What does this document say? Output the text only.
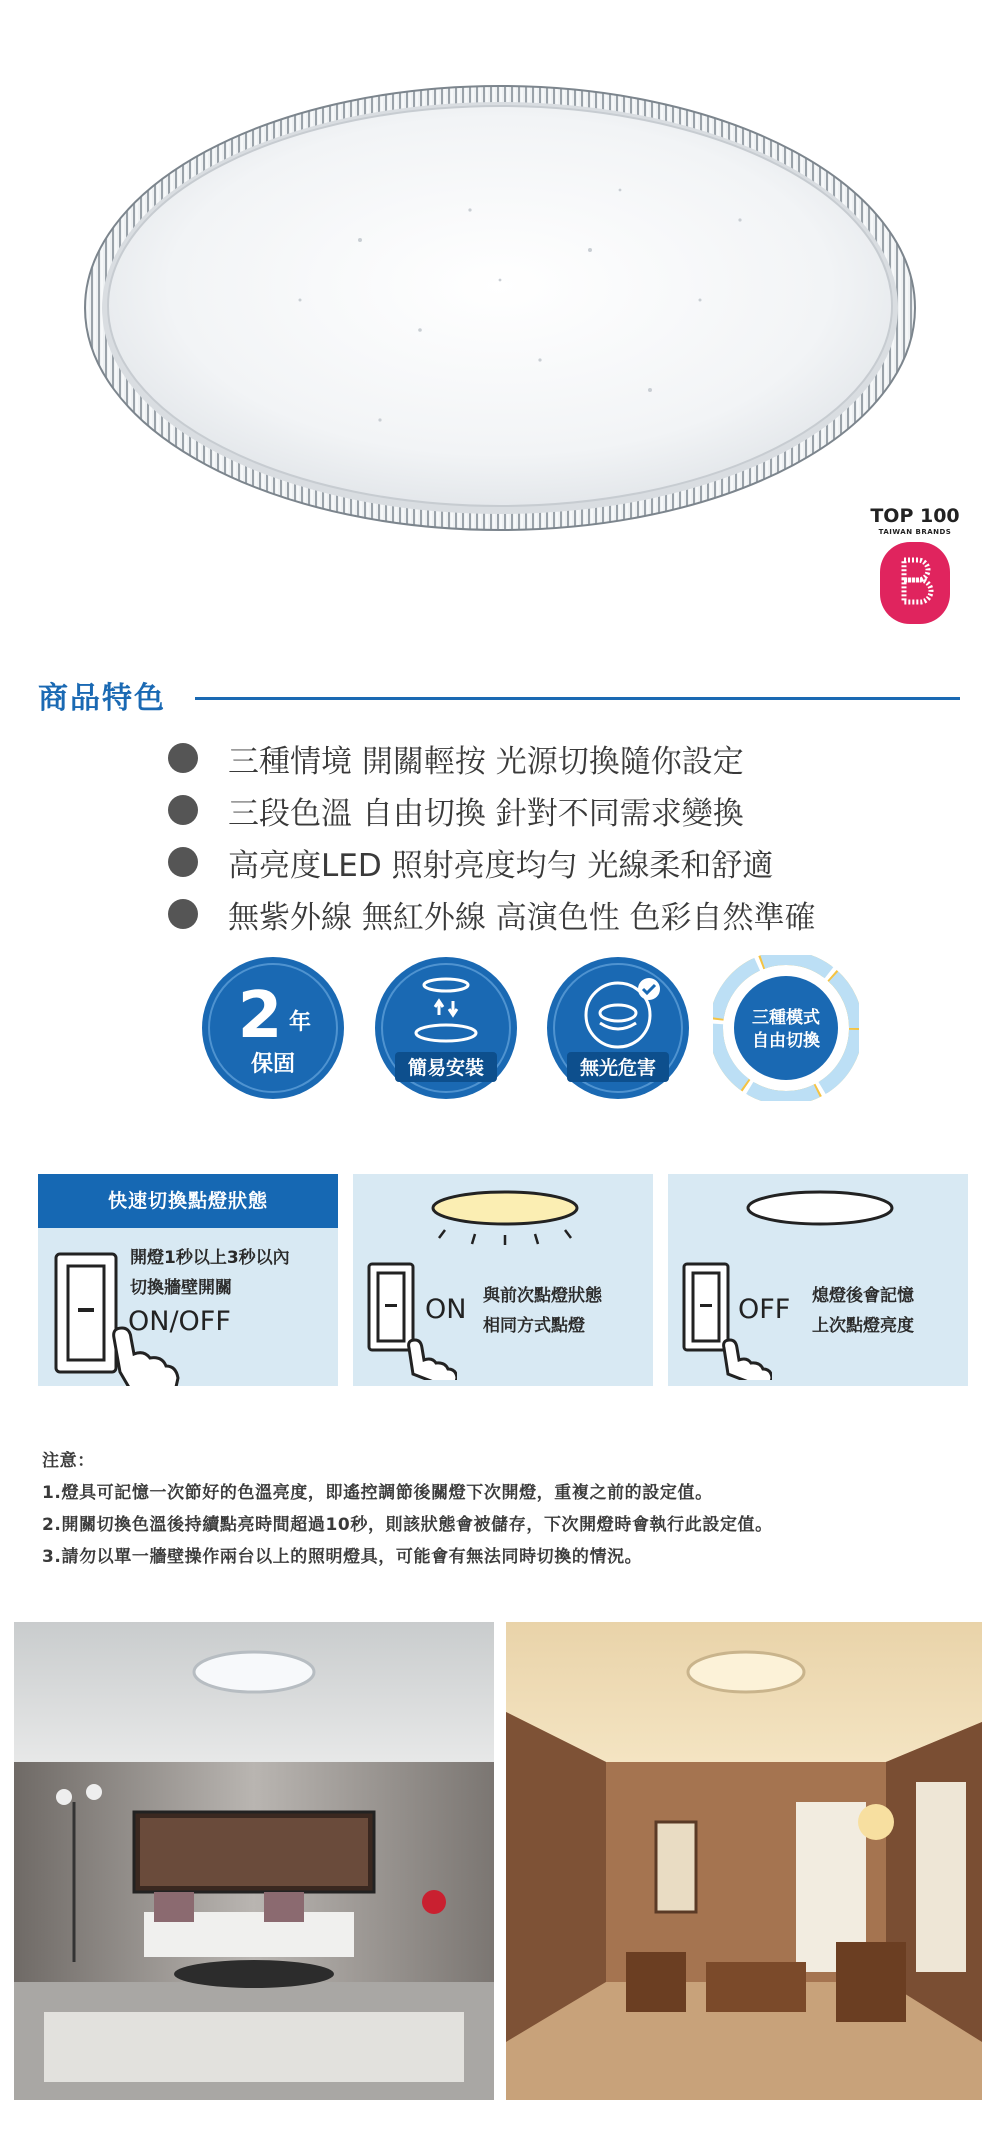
TOP 100
TAIWAN BRANDS
商品特色
三種情境 開關輕按 光源切換隨你設定
三段色溫 自由切換 針對不同需求變換
高亮度LED 照射亮度均勻 光線柔和舒適
無紫外線 無紅外線 高演色性 色彩自然準確
2 年
保固	簡易安裝	無光危害
三種模式
自由切換
快速切換點燈狀態
開燈1秒以上3秒以內
切換牆壁開關
ON/OFF	ON 與前次點燈狀態
相同方式點燈
OFF 熄燈後會記憶
上次點燈亮度
注意：
1.燈具可記憶一次節好的色溫亮度，即遙控調節後關燈下次開燈，重複之前的設定值。
2.開關切換色溫後持續點亮時間超過10秒，則該狀態會被儲存，下次開燈時會執行此設定值。
3.請勿以單一牆壁操作兩台以上的照明燈具，可能會有無法同時切換的情況。
